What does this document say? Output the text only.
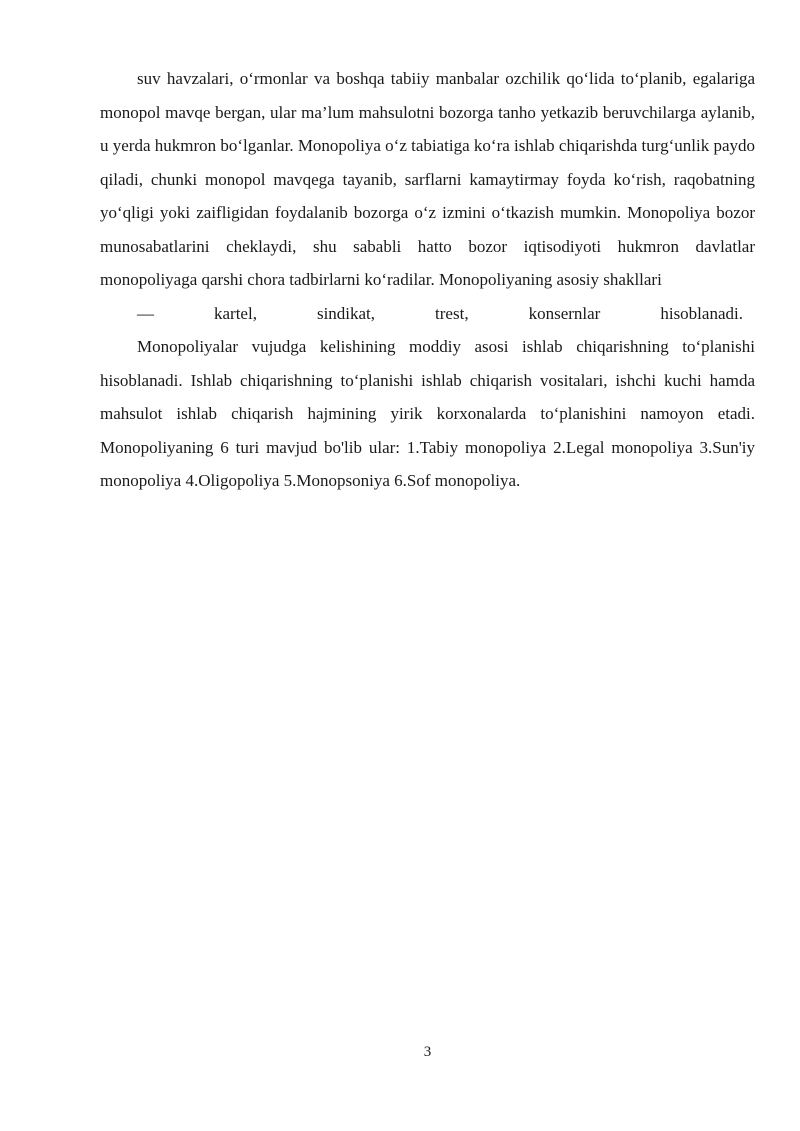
suv havzalari, o‘rmonlar va boshqa tabiiy manbalar ozchilik qo‘lida to‘planib, egalariga monopol mavqe bergan, ular ma’lum mahsulotni bozorga tanho yetkazib beruvchilarga aylanib, u yerda hukmron bo‘lganlar. Monopoliya o‘z tabiatiga ko‘ra ishlab chiqarishda turg‘unlik paydo qiladi, chunki monopol mavqega tayanib, sarflarni kamaytirmay foyda ko‘rish, raqobatning yo‘qligi yoki zaifligidan foydalanib bozorga o‘z izmini o‘tkazish mumkin. Monopoliya bozor munosabatlarini cheklaydi, shu sababli hatto bozor iqtisodiyoti hukmron davlatlar monopoliyaga qarshi chora tadbirlarni ko‘radilar. Monopoliyaning asosiy shakllari

—	kartel,	sindikat,	trest,	konsernlar	hisoblanadi.

Monopoliyalar vujudga kelishining moddiy asosi ishlab chiqarishning to‘planishi hisoblanadi. Ishlab chiqarishning to‘planishi ishlab chiqarish vositalari, ishchi kuchi hamda mahsulot ishlab chiqarish hajmining yirik korxonalarda to‘planishini namoyon etadi. Monopoliyaning 6 turi mavjud bo'lib ular: 1.Tabiy monopoliya 2.Legal monopoliya 3.Sun'iy monopoliya 4.Oligopoliya 5.Monopsoniya 6.Sof monopoliya.

3
